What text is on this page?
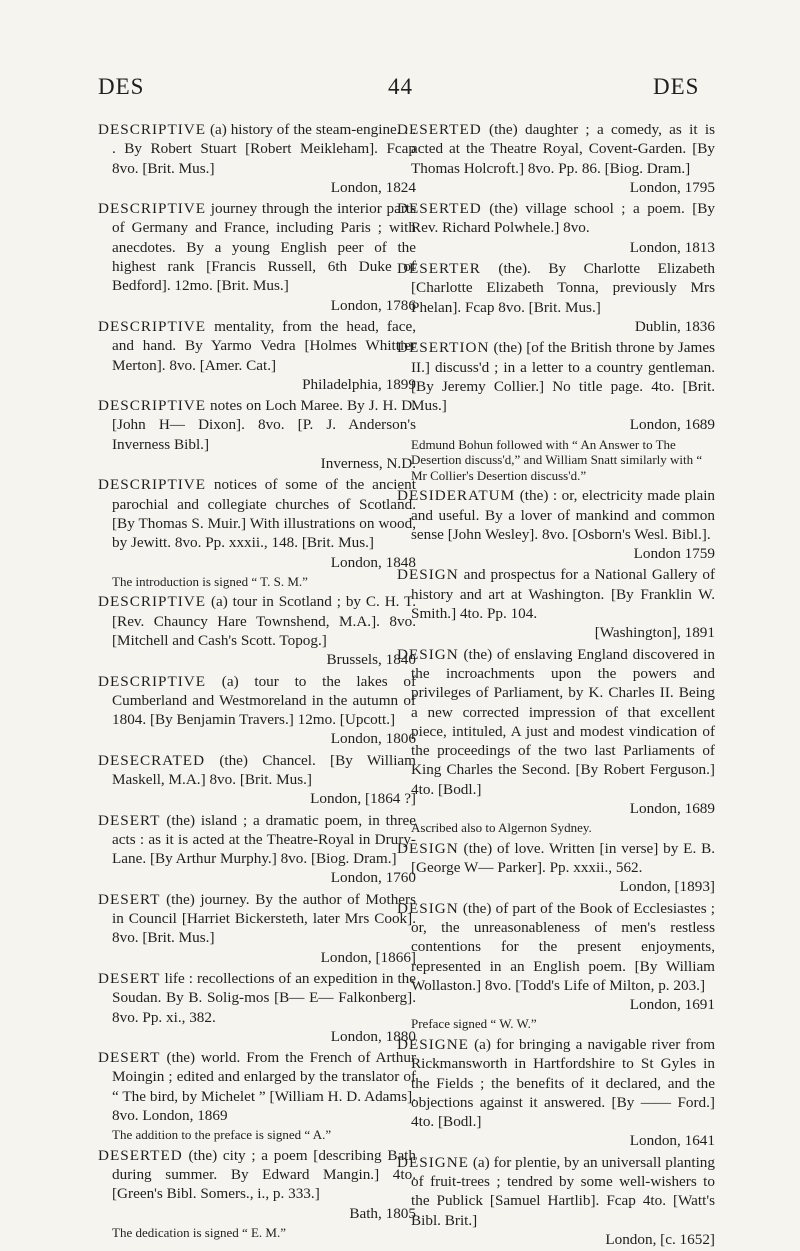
DES	44	DES

DESCRIPTIVE (a) history of the steam-engine. . . . By Robert Stuart [Robert Meikleham]. Fcap 8vo. [Brit. Mus.]
London, 1824

DESCRIPTIVE journey through the interior parts of Germany and France, including Paris ; with anecdotes. By a young English peer of the highest rank [Francis Russell, 6th Duke of Bedford]. 12mo. [Brit. Mus.]
London, 1786

DESCRIPTIVE mentality, from the head, face, and hand. By Yarmo Vedra [Holmes Whittier Merton]. 8vo. [Amer. Cat.]
Philadelphia, 1899

DESCRIPTIVE notes on Loch Maree. By J. H. D. [John H— Dixon]. 8vo. [P. J. Anderson's Inverness Bibl.]
Inverness, N.D.

DESCRIPTIVE notices of some of the ancient parochial and collegiate churches of Scotland. [By Thomas S. Muir.] With illustrations on wood, by Jewitt. 8vo. Pp. xxxii., 148. [Brit. Mus.]
London, 1848

The introduction is signed “ T. S. M.”

DESCRIPTIVE (a) tour in Scotland ; by C. H. T. [Rev. Chauncy Hare Townshend, M.A.]. 8vo. [Mitchell and Cash's Scott. Topog.]
Brussels, 1840

DESCRIPTIVE (a) tour to the lakes of Cumberland and Westmoreland in the autumn of 1804. [By Benjamin Travers.] 12mo. [Upcott.]
London, 1806

DESECRATED (the) Chancel. [By William Maskell, M.A.] 8vo. [Brit. Mus.]
London, [1864 ?]

DESERT (the) island ; a dramatic poem, in three acts : as it is acted at the Theatre-Royal in Drury-Lane. [By Arthur Murphy.] 8vo. [Biog. Dram.]
London, 1760

DESERT (the) journey. By the author of Mothers in Council [Harriet Bickersteth, later Mrs Cook]. 8vo. [Brit. Mus.]
London, [1866]

DESERT life : recollections of an expedition in the Soudan. By B. Solig-mos [B— E— Falkonberg]. 8vo. Pp. xi., 382.
London, 1880

DESERT (the) world. From the French of Arthur Moingin ; edited and enlarged by the translator of “ The bird, by Michelet ” [William H. D. Adams]. 8vo. London, 1869

The addition to the preface is signed “ A.”

DESERTED (the) city ; a poem [describing Bath during summer. By Edward Mangin.] 4to. [Green's Bibl. Somers., i., p. 333.]
Bath, 1805

The dedication is signed “ E. M.”

DESERTED (the) daughter ; a comedy, as it is acted at the Theatre Royal, Covent-Garden. [By Thomas Holcroft.] 8vo. Pp. 86. [Biog. Dram.]
London, 1795

DESERTED (the) village school ; a poem. [By Rev. Richard Polwhele.] 8vo.
London, 1813

DESERTER (the). By Charlotte Elizabeth [Charlotte Elizabeth Tonna, previously Mrs Phelan]. Fcap 8vo. [Brit. Mus.]
Dublin, 1836

DESERTION (the) [of the British throne by James II.] discuss'd ; in a letter to a country gentleman. [By Jeremy Collier.] No title page. 4to. [Brit. Mus.]
London, 1689

Edmund Bohun followed with “ An Answer to The Desertion discuss'd,” and William Snatt similarly with “ Mr Collier's Desertion discuss'd.”

DESIDERATUM (the) : or, electricity made plain and useful. By a lover of mankind and common sense [John Wesley]. 8vo. [Osborn's Wesl. Bibl.].
London 1759

DESIGN and prospectus for a National Gallery of history and art at Washington. [By Franklin W. Smith.] 4to. Pp. 104.
[Washington], 1891

DESIGN (the) of enslaving England discovered in the incroachments upon the powers and privileges of Parliament, by K. Charles II. Being a new corrected impression of that excellent piece, intituled, A just and modest vindication of the proceedings of the two last Parliaments of King Charles the Second. [By Robert Ferguson.] 4to. [Bodl.]
London, 1689

Ascribed also to Algernon Sydney.

DESIGN (the) of love. Written [in verse] by E. B. [George W— Parker]. Pp. xxxii., 562.
London, [1893]

DESIGN (the) of part of the Book of Ecclesiastes ; or, the unreasonableness of men's restless contentions for the present enjoyments, represented in an English poem. [By William Wollaston.] 8vo. [Todd's Life of Milton, p. 203.]
London, 1691

Preface signed “ W. W.”

DESIGNE (a) for bringing a navigable river from Rickmansworth in Hartfordshire to St Gyles in the Fields ; the benefits of it declared, and the objections against it answered. [By —— Ford.] 4to. [Bodl.]
London, 1641

DESIGNE (a) for plentie, by an universall planting of fruit-trees ; tendred by some well-wishers to the Publick [Samuel Hartlib]. Fcap 4to. [Watt's Bibl. Brit.]
London, [c. 1652]
